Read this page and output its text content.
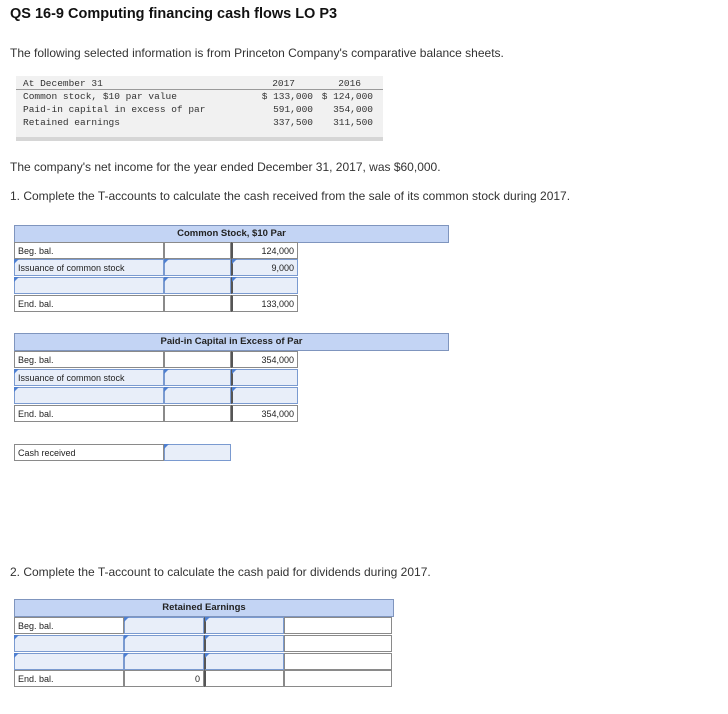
QS 16-9 Computing financing cash flows LO P3
The following selected information is from Princeton Company's comparative balance sheets.
At December 31	2017	2016
Common stock, $10 par value	$ 133,000 $ 124,000
Paid-in capital in excess of par	591,000 354,000
Retained earnings	337,500 311,500
The company's net income for the year ended December 31, 2017, was $60,000.
1. Complete the T-accounts to calculate the cash received from the sale of its common stock during 2017.
Common Stock, $10 Par
Beg. bal.	124,000
Issuance of common stock	9,000
End. bal.	133,000
Paid-in Capital in Excess of Par
Beg. bal.	354,000
Issuance of common stock
End. bal.	354,000
Cash received
2. Complete the T-account to calculate the cash paid for dividends during 2017.
Retained Earnings
Beg. bal.
End. bal.	0
